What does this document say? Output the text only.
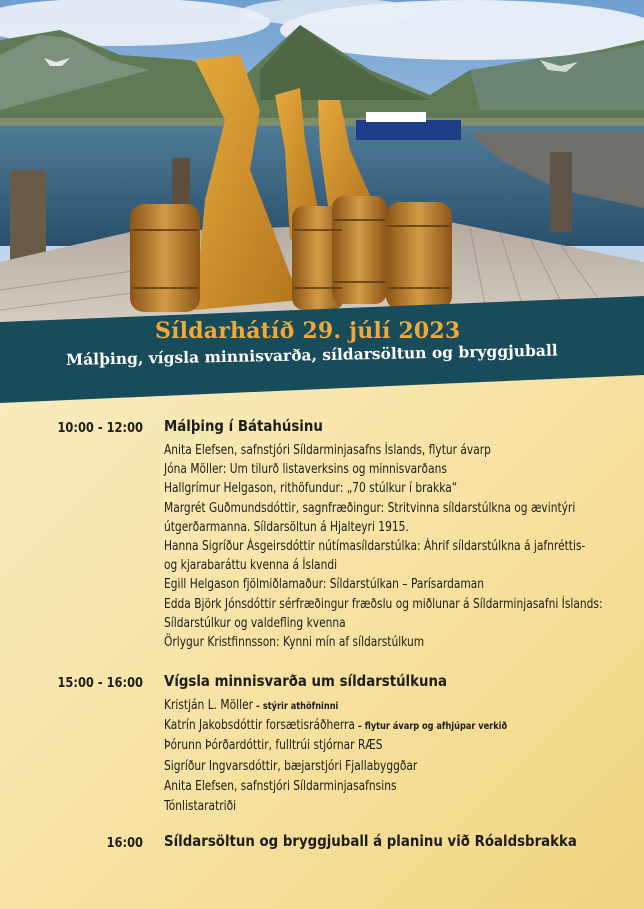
Síldarhátíð 29. júlí 2023
Málþing, vígsla minnisvarða, síldarsöltun og bryggjuball
10:00 - 12:00 Málþing í Bátahúsinu
Anita Elefsen, safnstjóri Síldarminjasafns Íslands, flytur ávarp
Jóna Möller: Um tilurð listaverksins og minnisvarðans
Hallgrímur Helgason, rithöfundur: „70 stúlkur í brakka“
Margrét Guðmundsdóttir, sagnfræðingur: Stritvinna síldarstúlkna og ævintýri
útgerðarmanna. Síldarsöltun á Hjalteyri 1915.
Hanna Sigríður Ásgeirsdóttir nútímasíldarstúlka: Áhrif síldarstúlkna á jafnréttis-
og kjarabaráttu kvenna á Íslandi
Egill Helgason fjölmiðlamaður: Síldarstúlkan – Parísardaman
Edda Björk Jónsdóttir sérfræðingur fræðslu og miðlunar á Síldarminjasafni Íslands:
Síldarstúlkur og valdefling kvenna
Örlygur Kristfinnsson: Kynni mín af síldarstúlkum
15:00 - 16:00 Vígsla minnisvarða um síldarstúlkuna
Kristján L. Möller – stýrir athöfninni
Katrín Jakobsdóttir forsætisráðherra – flytur ávarp og afhjúpar verkið
Þórunn Þórðardóttir, fulltrúi stjórnar RÆS
Sigríður Ingvarsdóttir, bæjarstjóri Fjallabyggðar
Anita Elefsen, safnstjóri Síldarminjasafnsins
Tónlistaratriði
16:00 Síldarsöltun og bryggjuball á planinu við Róaldsbrakka
